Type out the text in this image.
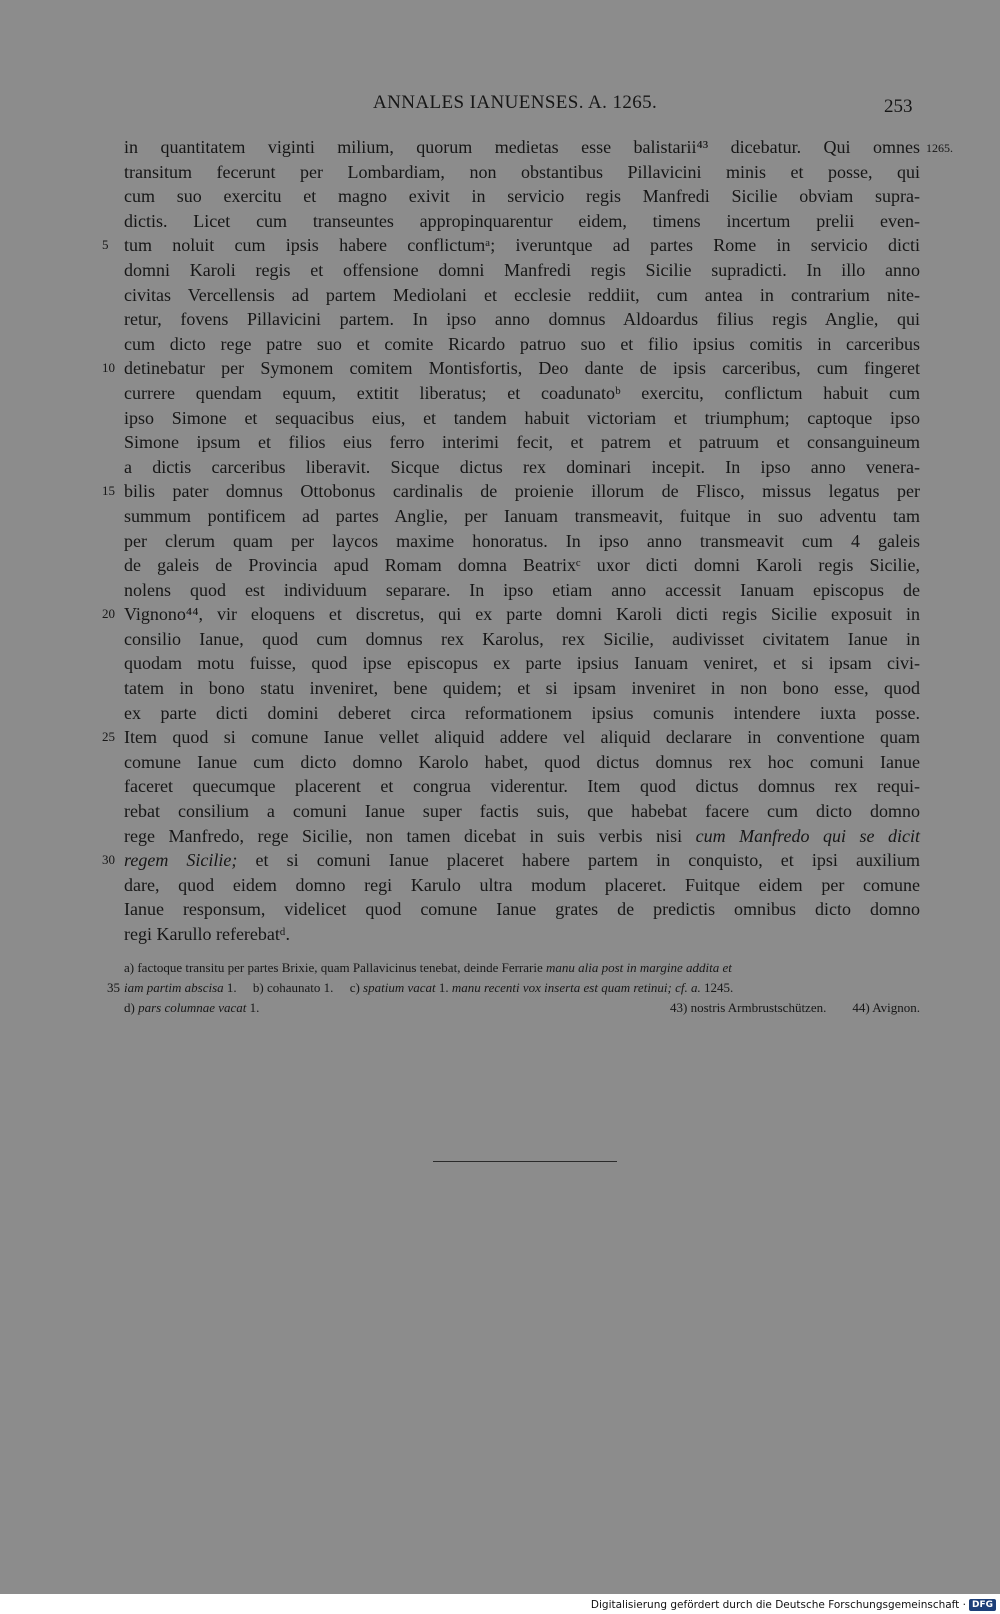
ANNALES IANUENSES. A. 1265.	253
in quantitatem viginti milium, quorum medietas esse balistarii⁴³ dicebatur. Qui omnes 1265.
transitum fecerunt per Lombardiam, non obstantibus Pillavicini minis et posse, qui
cum suo exercitu et magno exivit in servicio regis Manfredi Sicilie obviam supra-
dictis. Licet cum transeuntes appropinquarentur eidem, timens incertum prelii even-
5 tum noluit cum ipsis habere conflictumᵃ; iveruntque ad partes Rome in servicio dicti
domni Karoli regis et offensione domni Manfredi regis Sicilie supradicti. In illo anno
civitas Vercellensis ad partem Mediolani et ecclesie reddiit, cum antea in contrarium nite-
retur, fovens Pillavicini partem. In ipso anno domnus Aldoardus filius regis Anglie, qui
cum dicto rege patre suo et comite Ricardo patruo suo et filio ipsius comitis in carceribus
10 detinebatur per Symonem comitem Montisfortis, Deo dante de ipsis carceribus, cum fingeret
currere quendam equum, extitit liberatus; et coadunatoᵇ exercitu, conflictum habuit cum
ipso Simone et sequacibus eius, et tandem habuit victoriam et triumphum; captoque ipso
Simone ipsum et filios eius ferro interimi fecit, et patrem et patruum et consanguineum
a dictis carceribus liberavit. Sicque dictus rex dominari incepit. In ipso anno venera-
15 bilis pater domnus Ottobonus cardinalis de proienie illorum de Flisco, missus legatus per
summum pontificem ad partes Anglie, per Ianuam transmeavit, fuitque in suo adventu tam
per clerum quam per laycos maxime honoratus. In ipso anno transmeavit cum 4 galeis
de galeis de Provincia apud Romam domna Beatrixᶜ uxor dicti domni Karoli regis Sicilie,
nolens quod est individuum separare. In ipso etiam anno accessit Ianuam episcopus de
20 Vignono⁴⁴, vir eloquens et discretus, qui ex parte domni Karoli dicti regis Sicilie exposuit in
consilio Ianue, quod cum domnus rex Karolus, rex Sicilie, audivisset civitatem Ianue in
quodam motu fuisse, quod ipse episcopus ex parte ipsius Ianuam veniret, et si ipsam civi-
tatem in bono statu inveniret, bene quidem; et si ipsam inveniret in non bono esse, quod
ex parte dicti domini deberet circa reformationem ipsius comunis intendere iuxta posse.
25 Item quod si comune Ianue vellet aliquid addere vel aliquid declarare in conventione quam
comune Ianue cum dicto domno Karolo habet, quod dictus domnus rex hoc comuni Ianue
faceret quecumque placerent et congrua viderentur. Item quod dictus domnus rex requi-
rebat consilium a comuni Ianue super factis suis, que habebat facere cum dicto domno
rege Manfredo, rege Sicilie, non tamen dicebat in suis verbis nisi cum Manfredo qui se dicit
30 regem Sicilie; et si comuni Ianue placeret habere partem in conquisto, et ipsi auxilium
dare, quod eidem domno regi Karulo ultra modum placeret. Fuitque eidem per comune
Ianue responsum, videlicet quod comune Ianue grates de predictis omnibus dicto domno
regi Karullo referebatᵈ.
a) factoque transitu per partes Brixie, quam Pallavicinus tenebat, deinde Ferrarie manu alia post in margine addita et
35 iam partim abscisa 1. b) cohaunato 1. c) spatium vacat 1. manu recenti vox inserta est quam retinui; cf. a. 1245.
d) pars columnae vacat 1.	43) nostris Armbrustschützen. 44) Avignon.
Digitalisierung gefördert durch die Deutsche Forschungsgemeinschaft · DFG
